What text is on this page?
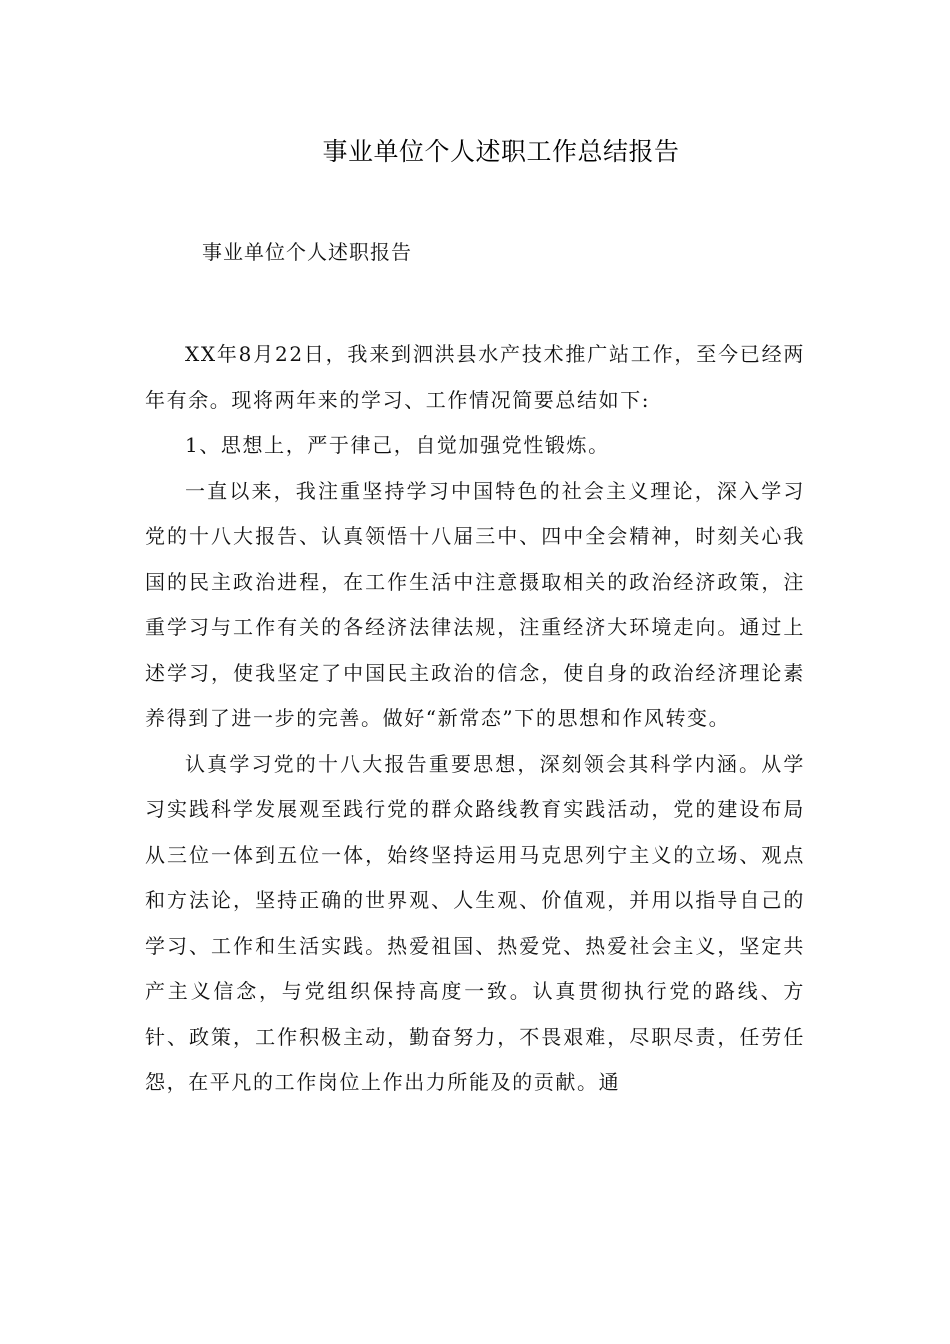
事业单位个人述职工作总结报告
事业单位个人述职报告

XX年8月22日，我来到泗洪县水产技术推广站工作，至今已经两年有余。现将两年来的学习、工作情况简要总结如下:

1、思想上，严于律己，自觉加强党性锻炼。

一直以来，我注重坚持学习中国特色的社会主义理论，深入学习党的十八大报告、认真领悟十八届三中、四中全会精神，时刻关心我国的民主政治进程，在工作生活中注意摄取相关的政治经济政策，注重学习与工作有关的各经济法律法规，注重经济大环境走向。通过上述学习，使我坚定了中国民主政治的信念，使自身的政治经济理论素养得到了进一步的完善。做好“新常态”下的思想和作风转变。

认真学习党的十八大报告重要思想，深刻领会其科学内涵。从学习实践科学发展观至践行党的群众路线教育实践活动，党的建设布局从三位一体到五位一体，始终坚持运用马克思列宁主义的立场、观点和方法论，坚持正确的世界观、人生观、价值观，并用以指导自己的学习、工作和生活实践。热爱祖国、热爱党、热爱社会主义，坚定共产主义信念，与党组织保持高度一致。认真贯彻执行党的路线、方针、政策，工作积极主动，勤奋努力，不畏艰难，尽职尽责，任劳任怨，在平凡的工作岗位上作出力所能及的贡献。通
